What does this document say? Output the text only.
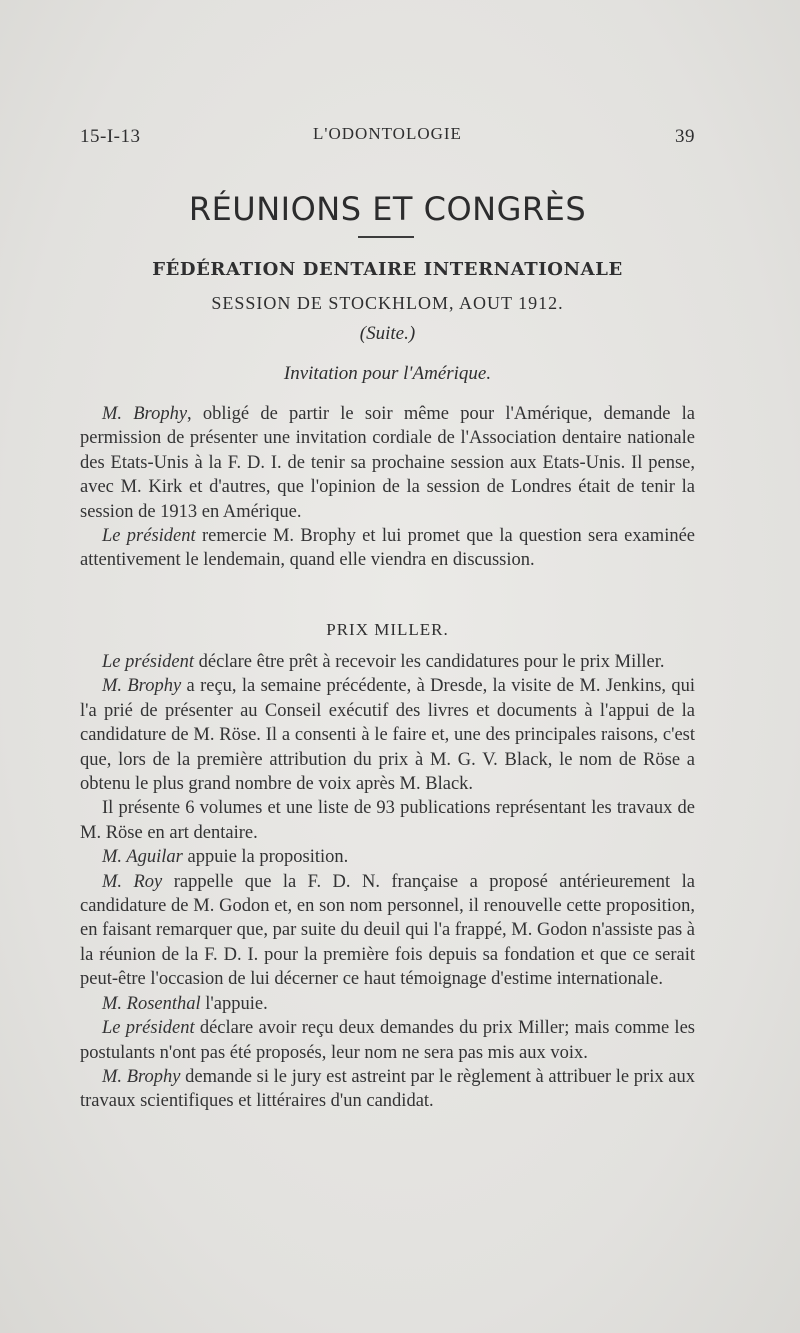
15-I-13	L'ODONTOLOGIE	39
RÉUNIONS ET CONGRÈS
FÉDÉRATION DENTAIRE INTERNATIONALE
SESSION DE STOCKHLOM, AOUT 1912.
(Suite.)
Invitation pour l'Amérique.

M. Brophy, obligé de partir le soir même pour l'Amérique, demande la permission de présenter une invitation cordiale de l'Association dentaire nationale des Etats-Unis à la F. D. I. de tenir sa prochaine session aux Etats-Unis. Il pense, avec M. Kirk et d'autres, que l'opinion de la session de Londres était de tenir la session de 1913 en Amérique.

Le président remercie M. Brophy et lui promet que la question sera examinée attentivement le lendemain, quand elle viendra en discussion.

PRIX MILLER.

Le président déclare être prêt à recevoir les candidatures pour le prix Miller.

M. Brophy a reçu, la semaine précédente, à Dresde, la visite de M. Jenkins, qui l'a prié de présenter au Conseil exécutif des livres et documents à l'appui de la candidature de M. Röse. Il a consenti à le faire et, une des principales raisons, c'est que, lors de la première attribution du prix à M. G. V. Black, le nom de Röse a obtenu le plus grand nombre de voix après M. Black.

Il présente 6 volumes et une liste de 93 publications représentant les travaux de M. Röse en art dentaire.

M. Aguilar appuie la proposition.

M. Roy rappelle que la F. D. N. française a proposé antérieurement la candidature de M. Godon et, en son nom personnel, il renouvelle cette proposition, en faisant remarquer que, par suite du deuil qui l'a frappé, M. Godon n'assiste pas à la réunion de la F. D. I. pour la première fois depuis sa fondation et que ce serait peut-être l'occasion de lui décerner ce haut témoignage d'estime internationale.

M. Rosenthal l'appuie.

Le président déclare avoir reçu deux demandes du prix Miller; mais comme les postulants n'ont pas été proposés, leur nom ne sera pas mis aux voix.

M. Brophy demande si le jury est astreint par le règlement à attribuer le prix aux travaux scientifiques et littéraires d'un candidat.
